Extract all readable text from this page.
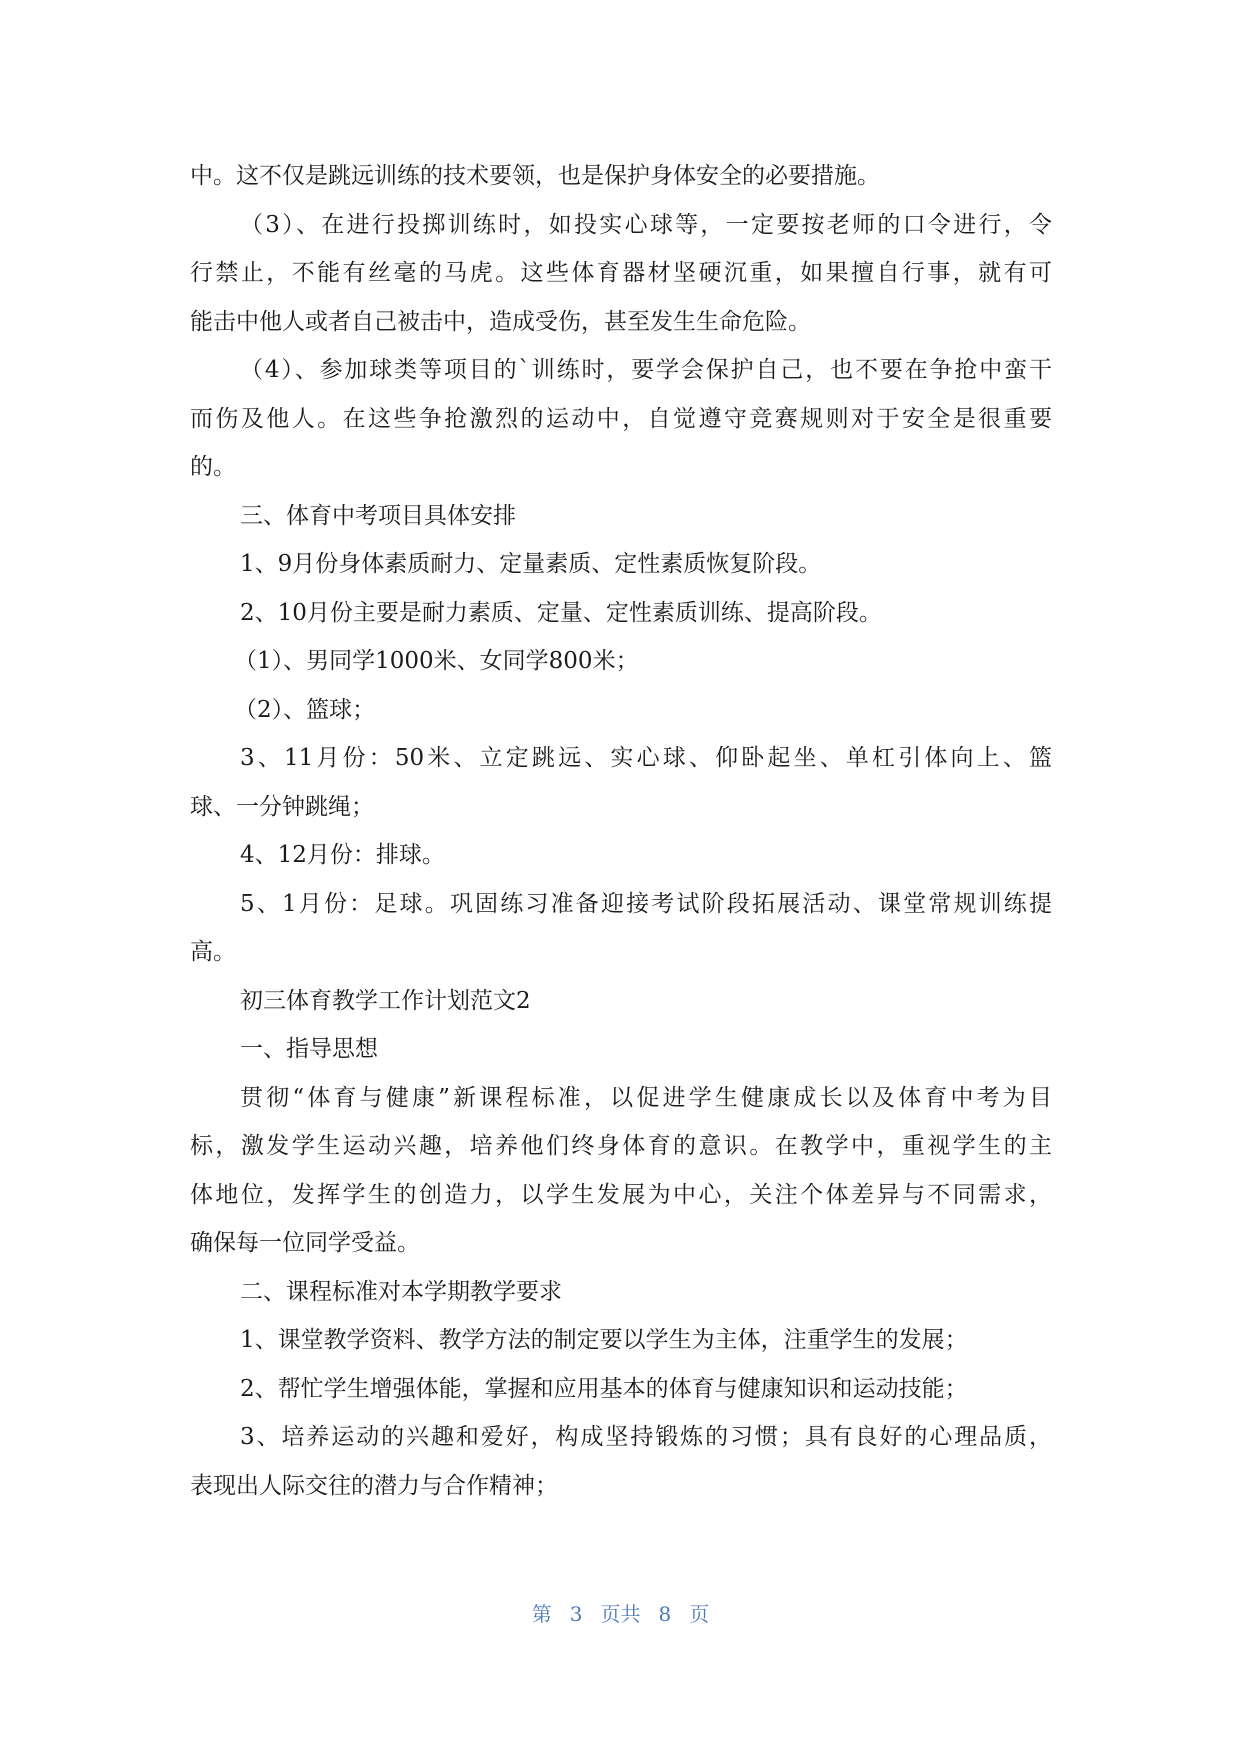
中。这不仅是跳远训练的技术要领，也是保护身体安全的必要措施。

（3）、在进行投掷训练时，如投实心球等，一定要按老师的口令进行，令

行禁止，不能有丝毫的马虎。这些体育器材坚硬沉重，如果擅自行事，就有可

能击中他人或者自己被击中，造成受伤，甚至发生生命危险。

（4）、参加球类等项目的`训练时，要学会保护自己，也不要在争抢中蛮干

而伤及他人。在这些争抢激烈的运动中，自觉遵守竞赛规则对于安全是很重要

的。

三、体育中考项目具体安排

1、9月份身体素质耐力、定量素质、定性素质恢复阶段。

2、10月份主要是耐力素质、定量、定性素质训练、提高阶段。

（1）、男同学1000米、女同学800米；

（2）、篮球；

3、11月份：50米、立定跳远、实心球、仰卧起坐、单杠引体向上、篮

球、一分钟跳绳；

4、12月份：排球。

5、1月份：足球。巩固练习准备迎接考试阶段拓展活动、课堂常规训练提

高。

初三体育教学工作计划范文2

一、指导思想

贯彻“体育与健康”新课程标准，以促进学生健康成长以及体育中考为目

标，激发学生运动兴趣，培养他们终身体育的意识。在教学中，重视学生的主

体地位，发挥学生的创造力，以学生发展为中心，关注个体差异与不同需求，

确保每一位同学受益。

二、课程标准对本学期教学要求

1、课堂教学资料、教学方法的制定要以学生为主体，注重学生的发展；

2、帮忙学生增强体能，掌握和应用基本的体育与健康知识和运动技能；

3、培养运动的兴趣和爱好，构成坚持锻炼的习惯；具有良好的心理品质，

表现出人际交往的潜力与合作精神；

第 3 页共 8 页
